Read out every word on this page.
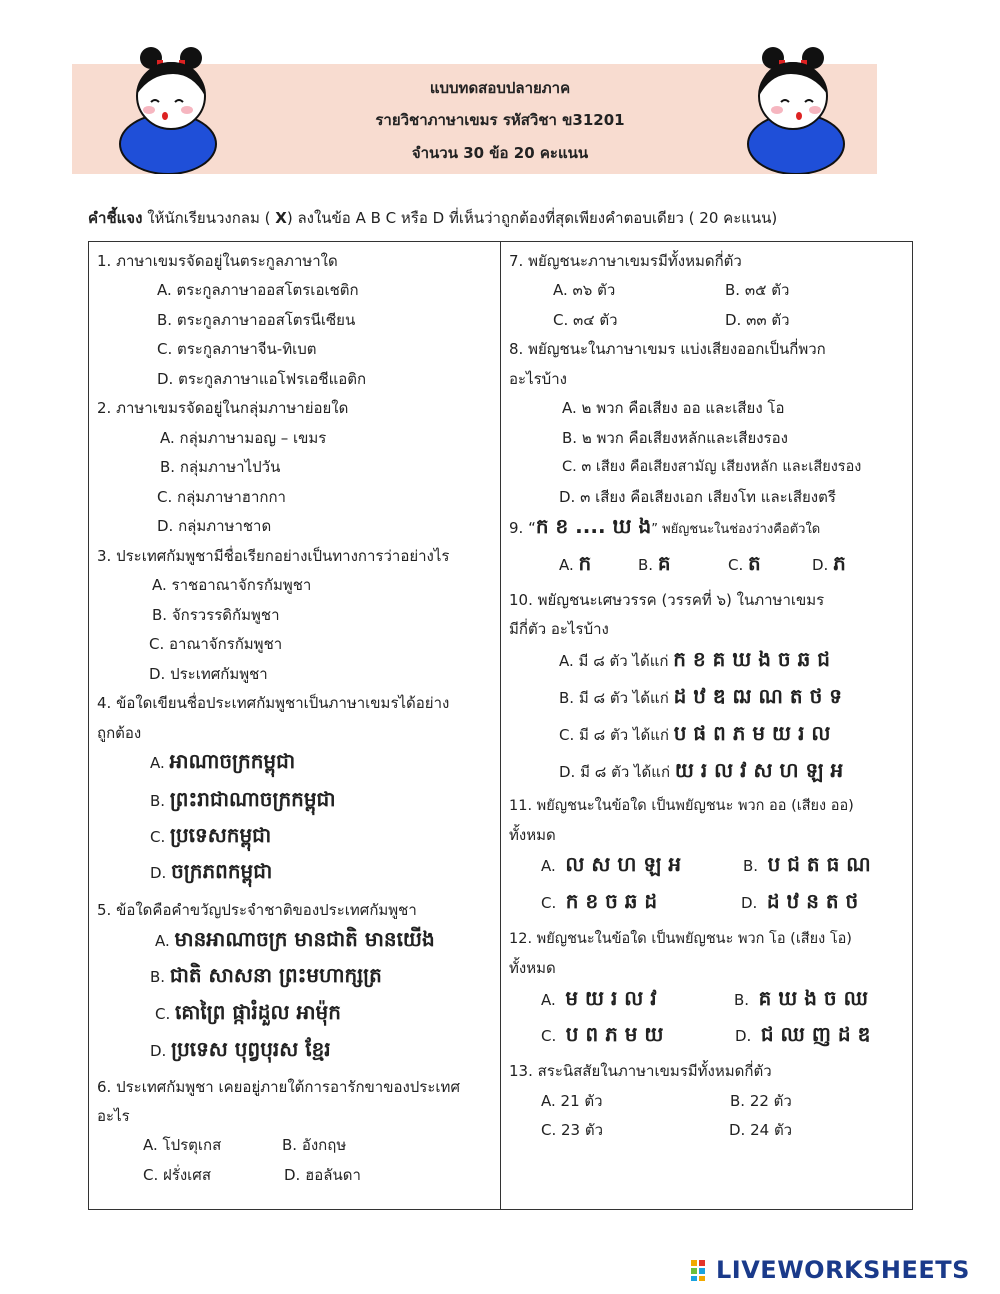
แบบทดสอบปลายภาค
รายวิชาภาษาเขมร รหัสวิชา ข31201
จำนวน 30 ข้อ 20 คะแนน
คำชี้แจง ให้นักเรียนวงกลม ( X) ลงในข้อ A B C หรือ D ที่เห็นว่าถูกต้องที่สุดเพียงคำตอบเดียว ( 20 คะแนน)
1. ภาษาเขมรจัดอยู่ในตระกูลภาษาใด
A. ตระกูลภาษาออสโตรเอเชติก
B. ตระกูลภาษาออสโตรนีเซียน
C. ตระกูลภาษาจีน-ทิเบต
D. ตระกูลภาษาแอโฟรเอชีแอติก
2. ภาษาเขมรจัดอยู่ในกลุ่มภาษาย่อยใด
A. กลุ่มภาษามอญ – เขมร
B. กลุ่มภาษาไปวัน
C. กลุ่มภาษาฮากกา
D. กลุ่มภาษาชาด
3. ประเทศกัมพูชามีชื่อเรียกอย่างเป็นทางการว่าอย่างไร
A. ราชอาณาจักรกัมพูชา
B. จักรวรรดิกัมพูชา
C. อาณาจักรกัมพูชา
D. ประเทศกัมพูชา
4. ข้อใดเขียนชื่อประเทศกัมพูชาเป็นภาษาเขมรได้อย่าง
ถูกต้อง
A. អាណាចក្រកម្ពុជា
B. ព្រះរាជាណាចក្រកម្ពុជា
C. ប្រទេសកម្ពុជា
D. ចក្រភពកម្ពុជា
5. ข้อใดคือคำขวัญประจำชาติของประเทศกัมพูชา
A. មានអាណាចក្រ មានជាតិ មានយើង
B. ជាតិ សាសនា ព្រះមហាក្សត្រ
C. គោព្រៃ ផ្ការំដួល អាម៉ុក
D. ប្រទេស បុព្វបុរស ខ្មែរ
6. ประเทศกัมพูชา เคยอยู่ภายใต้การอารักขาของประเทศ
อะไร
A. โปรตุเกส	B. อังกฤษ
C. ฝรั่งเศส	D. ฮอลันดา
7. พยัญชนะภาษาเขมรมีทั้งหมดกี่ตัว
A. ๓๖ ตัว	B. ๓๕ ตัว
C. ๓๔ ตัว	D. ๓๓ ตัว
8. พยัญชนะในภาษาเขมร แบ่งเสียงออกเป็นกี่พวก
อะไรบ้าง
A. ๒ พวก คือเสียง ออ และเสียง โอ
B. ๒ พวก คือเสียงหลักและเสียงรอง
C. ๓ เสียง คือเสียงสามัญ เสียงหลัก และเสียงรอง
D. ๓ เสียง คือเสียงเอก เสียงโท และเสียงตรี
9. “ក ខ .... ឃ ង” พยัญชนะในช่องว่างคือตัวใด
A. ក	B. គ	C. ត	D. ភ
10. พยัญชนะเศษวรรค (วรรคที่ ๖) ในภาษาเขมร
มีกี่ตัว อะไรบ้าง
A. มี ๘ ตัว ได้แก่ ក ខ គ ឃ ង ច ឆ ជ
B. มี ๘ ตัว ได้แก่ ដ ឋ ឌ ឍ ណ ត ថ ទ
C. มี ๘ ตัว ได้แก่ ប ផ ព ភ ម យ រ ល
D. มี ๘ ตัว ได้แก่ យ រ ល វ ស ហ ឡ អ
11. พยัญชนะในข้อใด เป็นพยัญชนะ พวก ออ (เสียง ออ)
ทั้งหมด
A. ល ស ហ ឡ អ	B. ប ជ ត ធ ណ
C. ក ខ ច ឆ ដ	D. ដ ឋ ន ត ថ
12. พยัญชนะในข้อใด เป็นพยัญชนะ พวก โอ (เสียง โอ)
ทั้งหมด
A. ម យ រ ល វ	B. គ ឃ ង ច ឈ
C. ប ព ភ ម យ	D. ជ ឈ ញ ដ ឌ
13. สระนิสสัยในภาษาเขมรมีทั้งหมดกี่ตัว
A. 21 ตัว	B. 22 ตัว
C. 23 ตัว	D. 24 ตัว
LIVEWORKSHEETS
